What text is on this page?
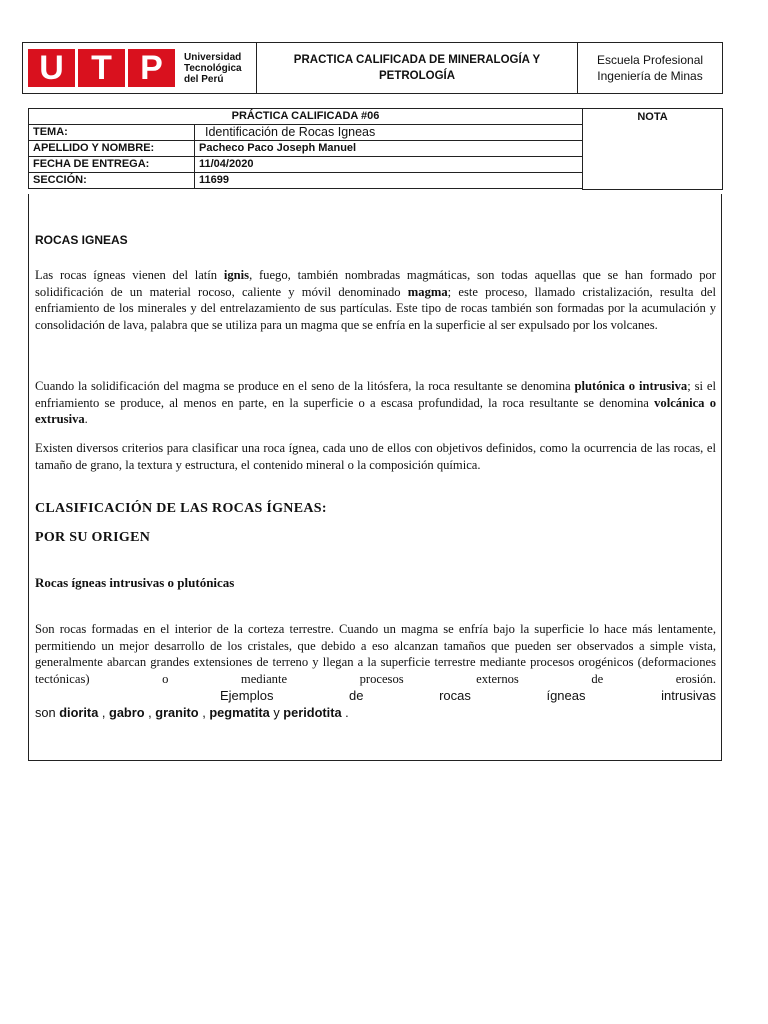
U T P	Universidad
Tecnológica
del Perú

PRACTICA CALIFICADA DE MINERALOGÍA Y PETROLOGÍA

Escuela Profesional Ingeniería de Minas
PRÁCTICA CALIFICADA #06		NOTA
TEMA:	Identificación de Rocas Igneas	
APELLIDO Y NOMBRE:	Pacheco Paco Joseph Manuel	
FECHA DE ENTREGA:	11/04/2020	
SECCIÓN:	11699	

ROCAS IGNEAS

Las rocas ígneas vienen del latín ignis, fuego, también nombradas magmáticas, son todas aquellas que se han formado por solidificación de un material rocoso, caliente y móvil denominado magma; este proceso, llamado cristalización, resulta del enfriamiento de los minerales y del entrelazamiento de sus partículas. Este tipo de rocas también son formadas por la acumulación y consolidación de lava, palabra que se utiliza para un magma que se enfría en la superficie al ser expulsado por los volcanes.

Cuando la solidificación del magma se produce en el seno de la litósfera, la roca resultante se denomina plutónica o intrusiva; si el enfriamiento se produce, al menos en parte, en la superficie o a escasa profundidad, la roca resultante se denomina volcánica o extrusiva.

Existen diversos criterios para clasificar una roca ígnea, cada uno de ellos con objetivos definidos, como la ocurrencia de las rocas, el tamaño de grano, la textura y estructura, el contenido mineral o la composición química.

CLASIFICACIÓN DE LAS ROCAS ÍGNEAS:
POR SU ORIGEN
Rocas ígneas intrusivas o plutónicas

Son rocas formadas en el interior de la corteza terrestre. Cuando un magma se enfría bajo la superficie lo hace más lentamente, permitiendo un mejor desarrollo de los cristales, que debido a eso alcanzan tamaños que pueden ser observados a simple vista, generalmente abarcan grandes extensiones de terreno y llegan a la superficie terrestre mediante procesos orogénicos (deformaciones tectónicas) o mediante procesos externos de erosión.

Ejemplos de rocas ígneas intrusivas
son diorita , gabro , granito , pegmatita y peridotita .
